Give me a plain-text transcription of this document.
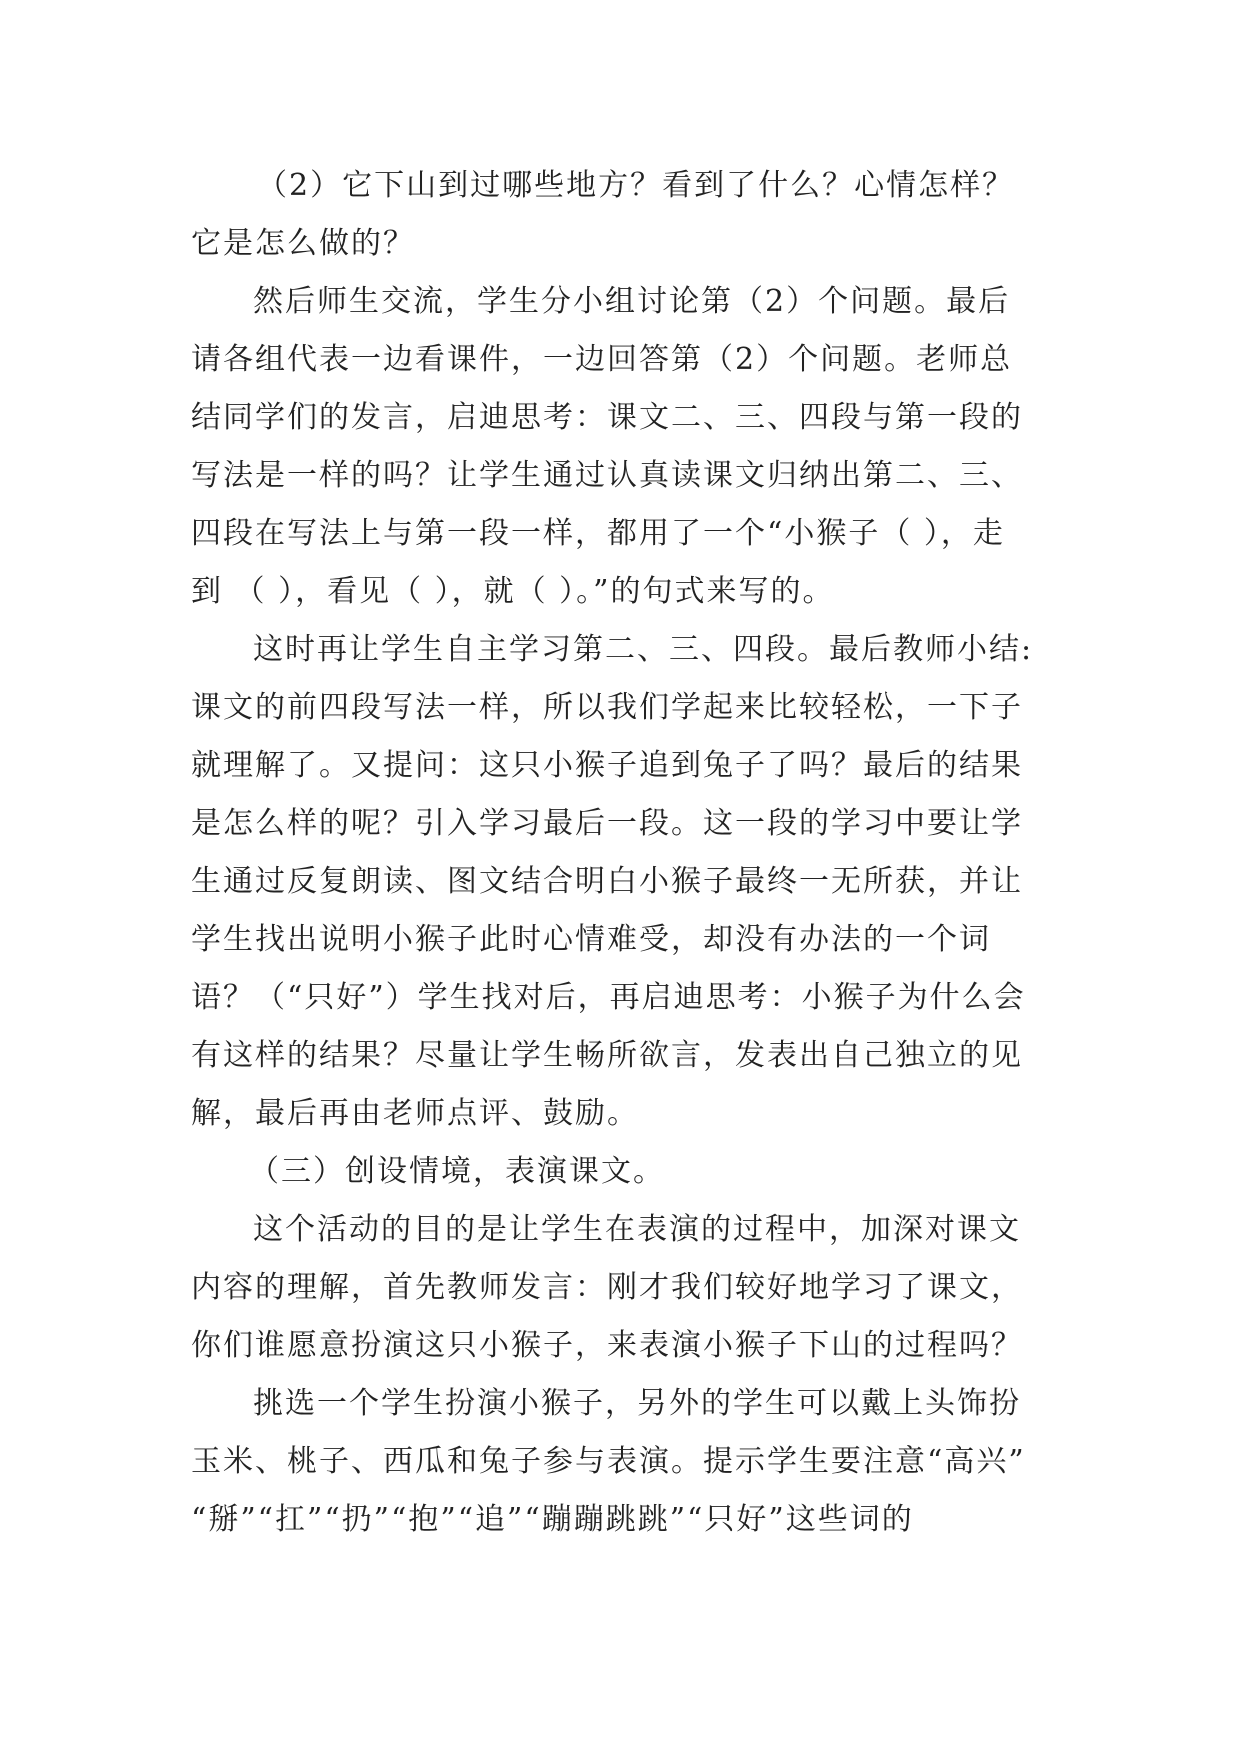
（2）它下山到过哪些地方？看到了什么？心情怎样？
它是怎么做的？
然后师生交流，学生分小组讨论第（2）个问题。最后
请各组代表一边看课件，一边回答第（2）个问题。老师总
结同学们的发言，启迪思考：课文二、三、四段与第一段的
写法是一样的吗？让学生通过认真读课文归纳出第二、三、
四段在写法上与第一段一样，都用了一个“小猴子（ ），走
到 （ ），看见（ ），就（ ）。”的句式来写的。
这时再让学生自主学习第二、三、四段。最后教师小结:
课文的前四段写法一样，所以我们学起来比较轻松，一下子
就理解了。又提问：这只小猴子追到兔子了吗？最后的结果
是怎么样的呢？引入学习最后一段。这一段的学习中要让学
生通过反复朗读、图文结合明白小猴子最终一无所获，并让
学生找出说明小猴子此时心情难受，却没有办法的一个词
语？（“只好”）学生找对后，再启迪思考：小猴子为什么会
有这样的结果？尽量让学生畅所欲言，发表出自己独立的见
解，最后再由老师点评、鼓励。
（三）创设情境，表演课文。
这个活动的目的是让学生在表演的过程中，加深对课文
内容的理解，首先教师发言：刚才我们较好地学习了课文，
你们谁愿意扮演这只小猴子，来表演小猴子下山的过程吗？
挑选一个学生扮演小猴子，另外的学生可以戴上头饰扮
玉米、桃子、西瓜和兔子参与表演。提示学生要注意“高兴”
“掰”“扛”“扔”“抱”“追”“蹦蹦跳跳”“只好”这些词的
